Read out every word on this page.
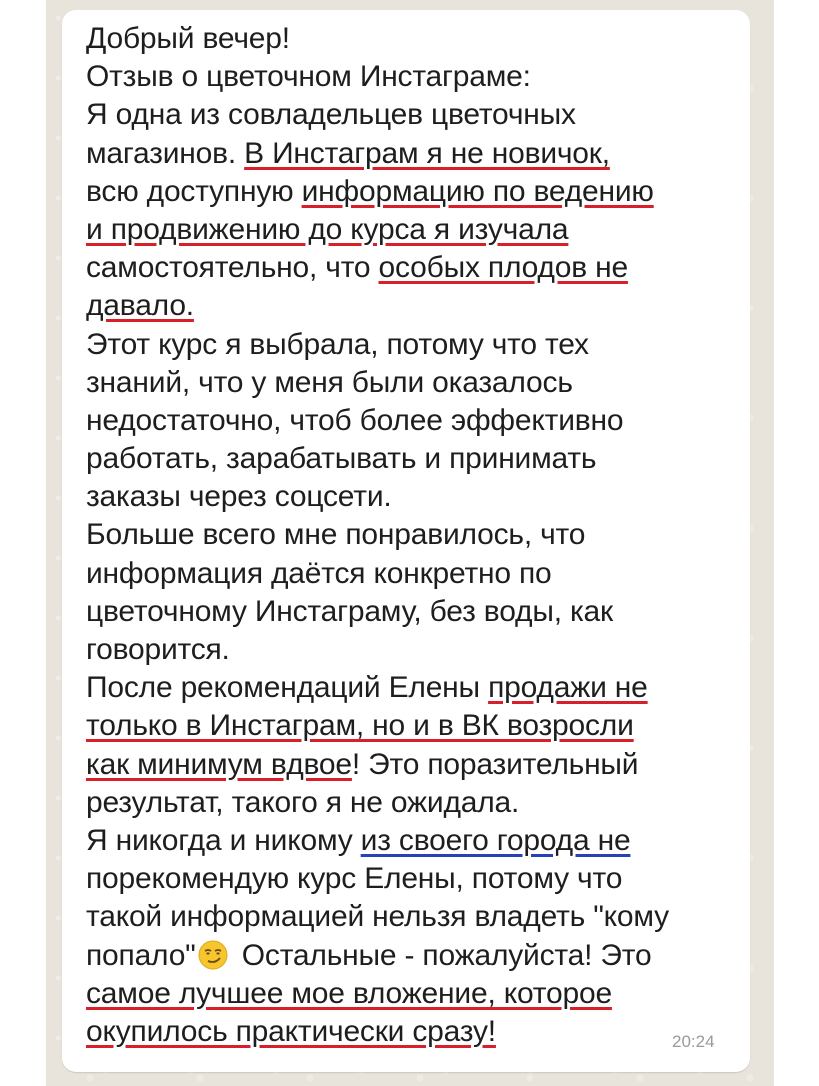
Добрый вечер!
Отзыв о цветочном Инстаграме:
Я одна из совладельцев цветочных
магазинов. В Инстаграм я не новичок,
всю доступную информацию по ведению
и продвижению до курса я изучала
самостоятельно, что особых плодов не
давало.
Этот курс я выбрала, потому что тех
знаний, что у меня были оказалось
недостаточно, чтоб более эффективно
работать, зарабатывать и принимать
заказы через соцсети.
Больше всего мне понравилось, что
информация даётся конкретно по
цветочному Инстаграму, без воды, как
говорится.
После рекомендаций Елены продажи не
только в Инстаграм, но и в ВК возросли
как минимум вдвое! Это поразительный
результат, такого я не ожидала.
Я никогда и никому из своего города не
порекомендую курс Елены, потому что
такой информацией нельзя владеть "кому
попало" Остальные - пожалуйста! Это
самое лучшее мое вложение, которое
окупилось практически сразу!	20:24
